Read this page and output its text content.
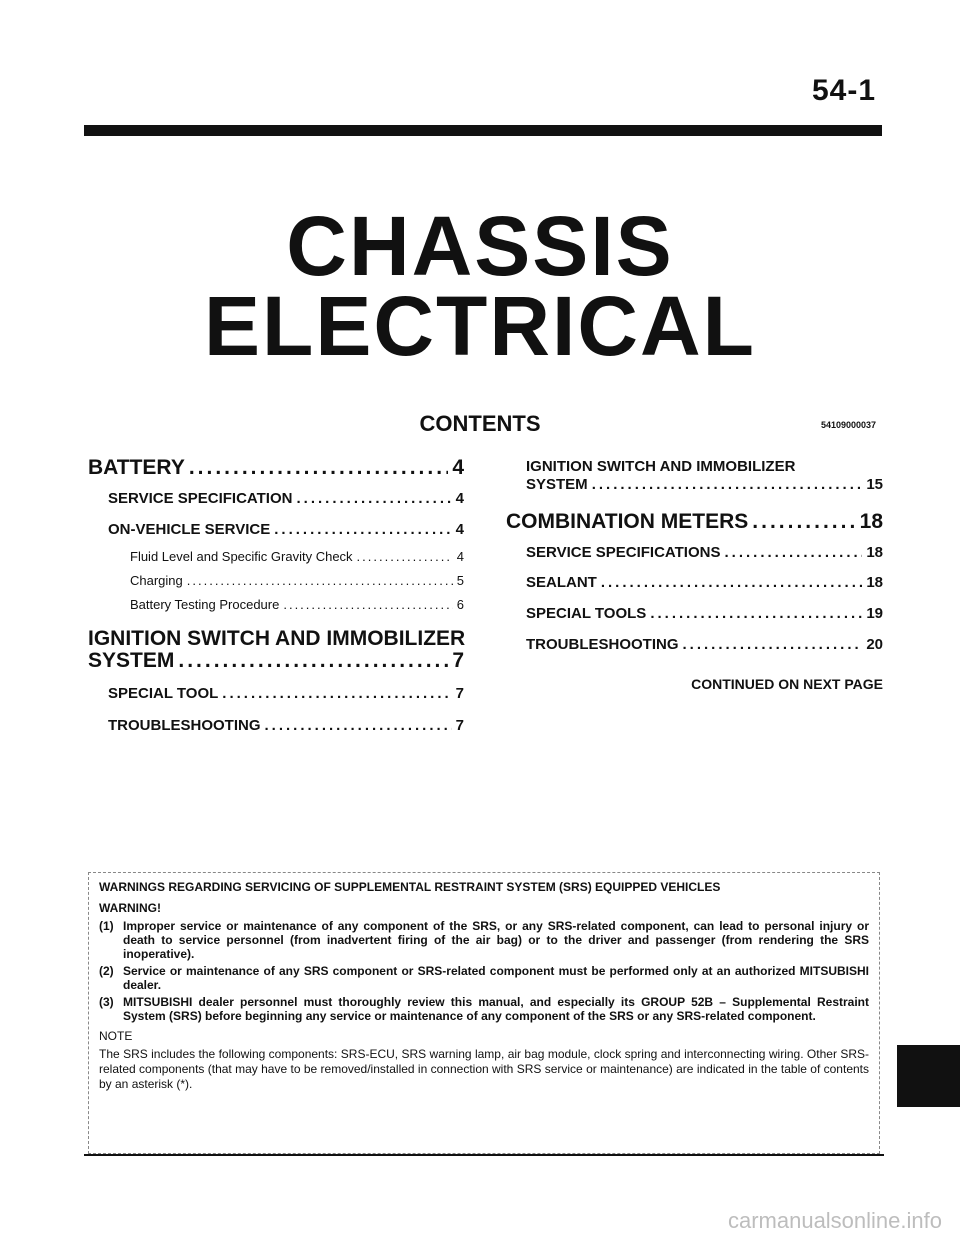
54-1
CHASSIS
ELECTRICAL
CONTENTS	54109000037
BATTERY .....	4
SERVICE SPECIFICATION .....	4
ON-VEHICLE SERVICE .....	4
Fluid Level and Specific Gravity Check .....	4
Charging .....	5
Battery Testing Procedure .....	6
IGNITION SWITCH AND IMMOBILIZER
SYSTEM .....	7
SPECIAL TOOL .....	7
TROUBLESHOOTING .....	7
IGNITION SWITCH AND IMMOBILIZER
SYSTEM .....	15
COMBINATION METERS .....	18
SERVICE SPECIFICATIONS .....	18
SEALANT .....	18
SPECIAL TOOLS .....	19
TROUBLESHOOTING .....	20
CONTINUED ON NEXT PAGE
WARNINGS REGARDING SERVICING OF SUPPLEMENTAL RESTRAINT SYSTEM (SRS) EQUIPPED VEHICLES
WARNING!
(1) Improper service or maintenance of any component of the SRS, or any SRS-related component, can lead to personal injury or death to service personnel (from inadvertent firing of the air bag) or to the driver and passenger (from rendering the SRS inoperative).
(2) Service or maintenance of any SRS component or SRS-related component must be performed only at an authorized MITSUBISHI dealer.
(3) MITSUBISHI dealer personnel must thoroughly review this manual, and especially its GROUP 52B – Supplemental Restraint System (SRS) before beginning any service or maintenance of any component of the SRS or any SRS-related component.
NOTE
The SRS includes the following components: SRS-ECU, SRS warning lamp, air bag module, clock spring and interconnecting wiring. Other SRS-related components (that may have to be removed/installed in connection with SRS service or maintenance) are indicated in the table of contents by an asterisk (*).
carmanualsonline.info
